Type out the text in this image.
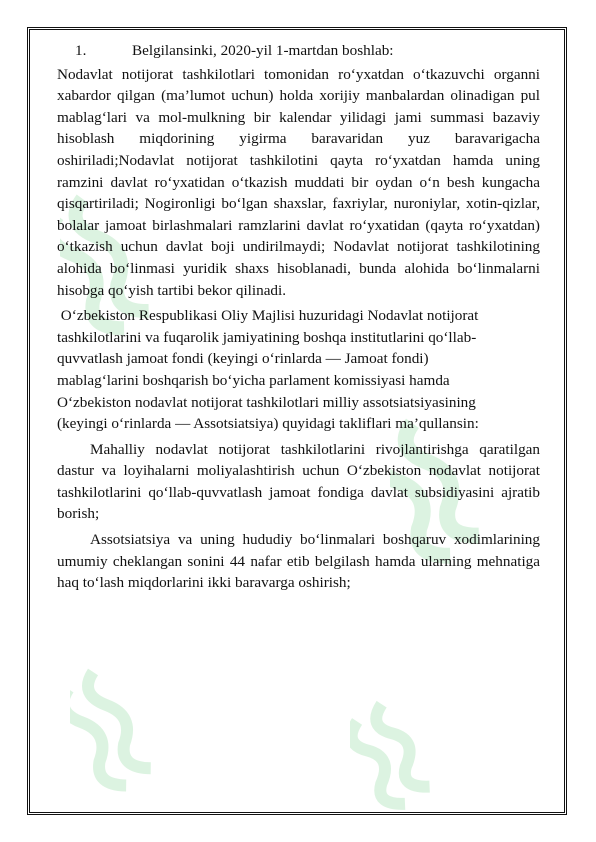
1.	Belgilansinki, 2020-yil 1-martdan boshlab:

Nodavlat notijorat tashkilotlari tomonidan ro‘yxatdan o‘tkazuvchi organni xabardor qilgan (ma’lumot uchun) holda xorijiy manbalardan olinadigan pul mablag‘lari va mol-mulkning bir kalendar yilidagi jami summasi bazaviy hisoblash miqdorining yigirma baravaridan yuz baravarigacha oshiriladi;Nodavlat notijorat tashkilotini qayta ro‘yxatdan hamda uning ramzini davlat ro‘yxatidan o‘tkazish muddati bir oydan o‘n besh kungacha qisqartiriladi; Nogironligi bo‘lgan shaxslar, faxriylar, nuroniylar, xotin-qizlar, bolalar jamoat birlashmalari ramzlarini davlat ro‘yxatidan (qayta ro‘yxatdan) o‘tkazish uchun davlat boji undirilmaydi; Nodavlat notijorat tashkilotining alohida bo‘linmasi yuridik shaxs hisoblanadi, bunda alohida bo‘linmalarni hisobga qo‘yish tartibi bekor qilinadi.

O‘zbekiston Respublikasi Oliy Majlisi huzuridagi Nodavlat notijorat
tashkilotlarini va fuqarolik jamiyatining boshqa institutlarini qo‘llab-
quvvatlash jamoat fondi (keyingi o‘rinlarda — Jamoat fondi)
mablag‘larini boshqarish bo‘yicha parlament komissiyasi hamda
O‘zbekiston nodavlat notijorat tashkilotlari milliy assotsiatsiyasining
(keyingi o‘rinlarda — Assotsiatsiya) quyidagi takliflari ma’qullansin:

Mahalliy nodavlat notijorat tashkilotlarini rivojlantirishga qaratilgan dastur va loyihalarni moliyalashtirish uchun O‘zbekiston nodavlat notijorat tashkilotlarini qo‘llab-quvvatlash jamoat fondiga davlat subsidiyasini ajratib borish;

Assotsiatsiya va uning hududiy bo‘linmalari boshqaruv xodimlarining umumiy cheklangan sonini 44 nafar etib belgilash hamda ularning mehnatiga haq to‘lash miqdorlarini ikki baravarga oshirish;
